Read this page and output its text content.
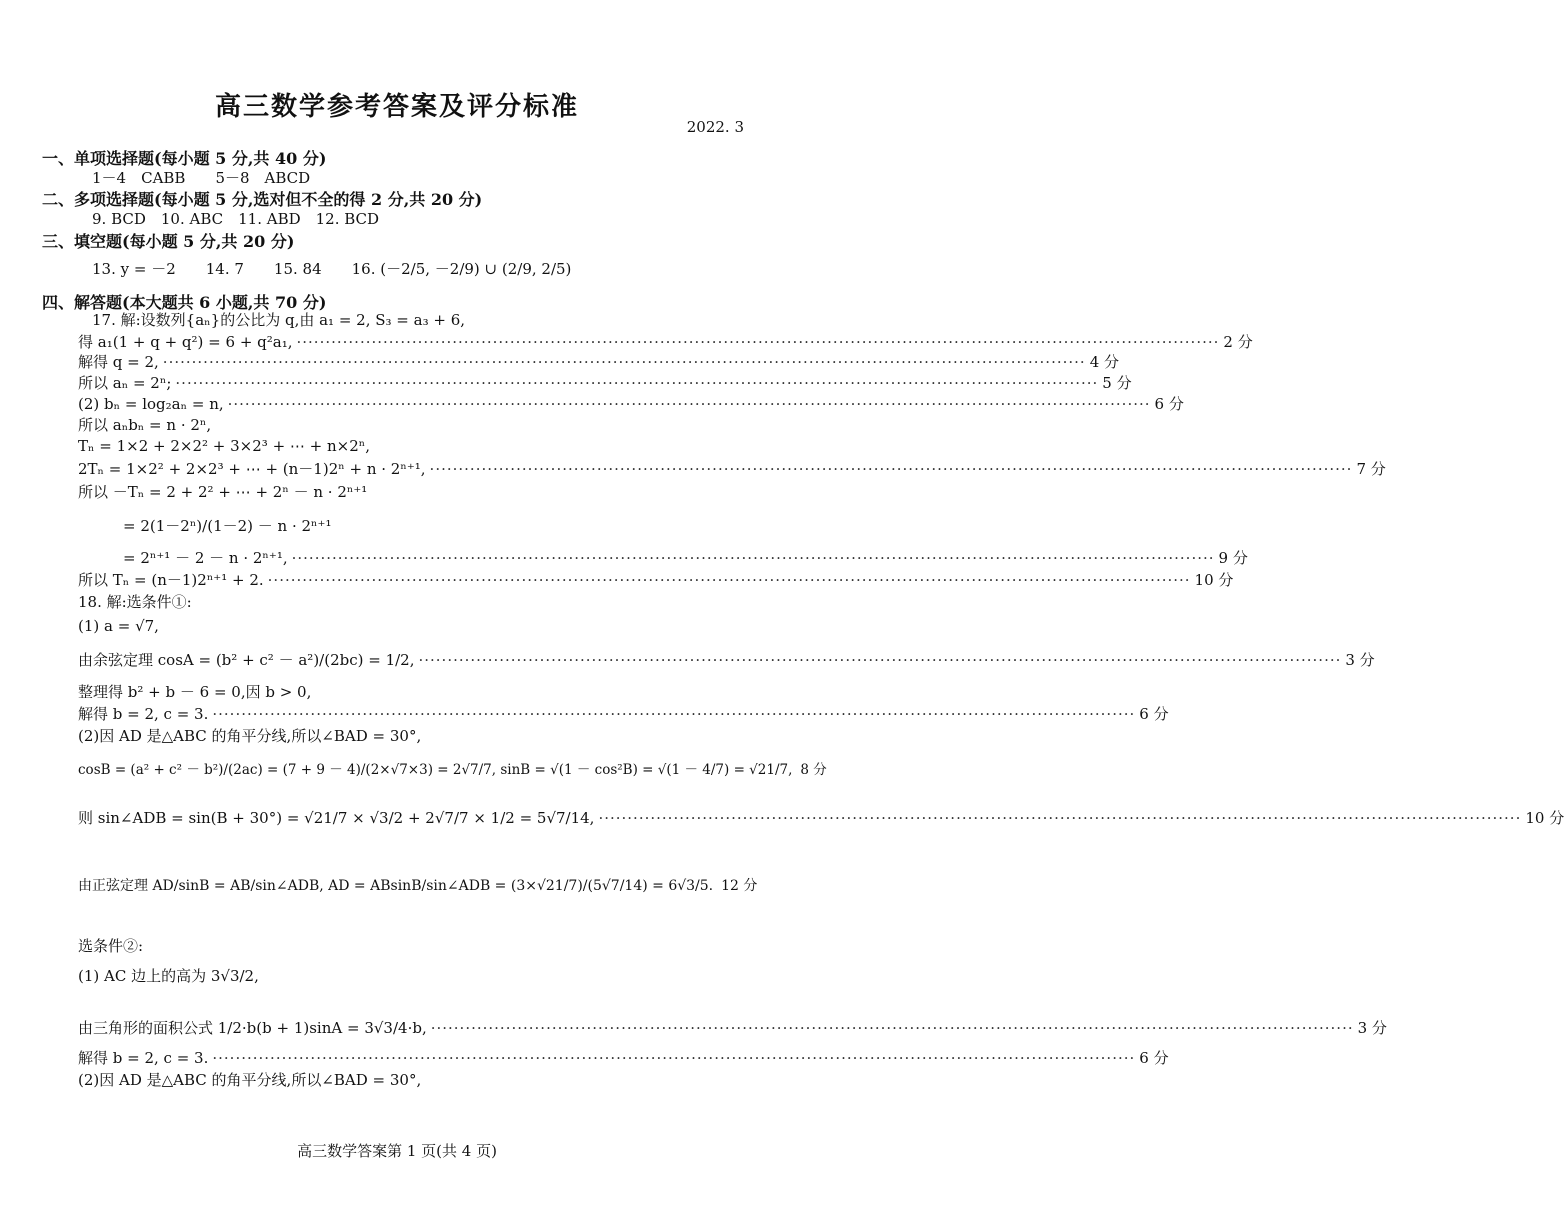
高三数学参考答案及评分标准
2022. 3
一、单项选择题(每小题 5 分,共 40 分)
1－4　CABB　　5－8　ABCD
二、多项选择题(每小题 5 分,选对但不全的得 2 分,共 20 分)
9. BCD　10. ABC　11. ABD　12. BCD
三、填空题(每小题 5 分,共 20 分)
13. y = －2　　14. 7　　15. 84　　16. (－2/5, －2/9) ∪ (2/9, 2/5)
四、解答题(本大题共 6 小题,共 70 分)
17. 解:设数列{aₙ}的公比为 q,由 a₁ = 2, S₃ = a₃ + 6,
得 a₁(1 + q + q²) = 6 + q²a₁, ·····	2 分
解得 q = 2, ·····	4 分
所以 aₙ = 2ⁿ; ·····	5 分
(2) bₙ = log₂aₙ = n, ·····	6 分
所以 aₙbₙ = n · 2ⁿ,
Tₙ = 1×2 + 2×2² + 3×2³ + ⋯ + n×2ⁿ,
2Tₙ = 1×2² + 2×2³ + ⋯ + (n－1)2ⁿ + n · 2ⁿ⁺¹, ·····	7 分
所以 －Tₙ = 2 + 2² + ⋯ + 2ⁿ － n · 2ⁿ⁺¹
　　　= 2(1－2ⁿ)/(1－2) － n · 2ⁿ⁺¹
　　　= 2ⁿ⁺¹ － 2 － n · 2ⁿ⁺¹, ·····	9 分
所以 Tₙ = (n－1)2ⁿ⁺¹ + 2. ·····	10 分
18. 解:选条件①:
(1) a = √7,
由余弦定理 cosA = (b² + c² － a²)/(2bc) = 1/2, ·····	3 分
整理得 b² + b － 6 = 0,因 b > 0,
解得 b = 2, c = 3. ·····	6 分
(2)因 AD 是△ABC 的角平分线,所以∠BAD = 30°,
cosB = (a² + c² － b²)/(2ac) = (7 + 9 － 4)/(2×√7×3) = 2√7/7, sinB = √(1 － cos²B) = √(1 － 4/7) = √21/7, 8 分
则 sin∠ADB = sin(B + 30°) = √21/7 × √3/2 + 2√7/7 × 1/2 = 5√7/14, ·····	10 分
由正弦定理 AD/sinB = AB/sin∠ADB, AD = ABsinB/sin∠ADB = (3×√21/7)/(5√7/14) = 6√3/5. 12 分
选条件②:
(1) AC 边上的高为 3√3/2,
由三角形的面积公式 1/2·b(b + 1)sinA = 3√3/4·b, ·····	3 分
解得 b = 2, c = 3. ·····	6 分
(2)因 AD 是△ABC 的角平分线,所以∠BAD = 30°,
高三数学答案第 1 页(共 4 页)
